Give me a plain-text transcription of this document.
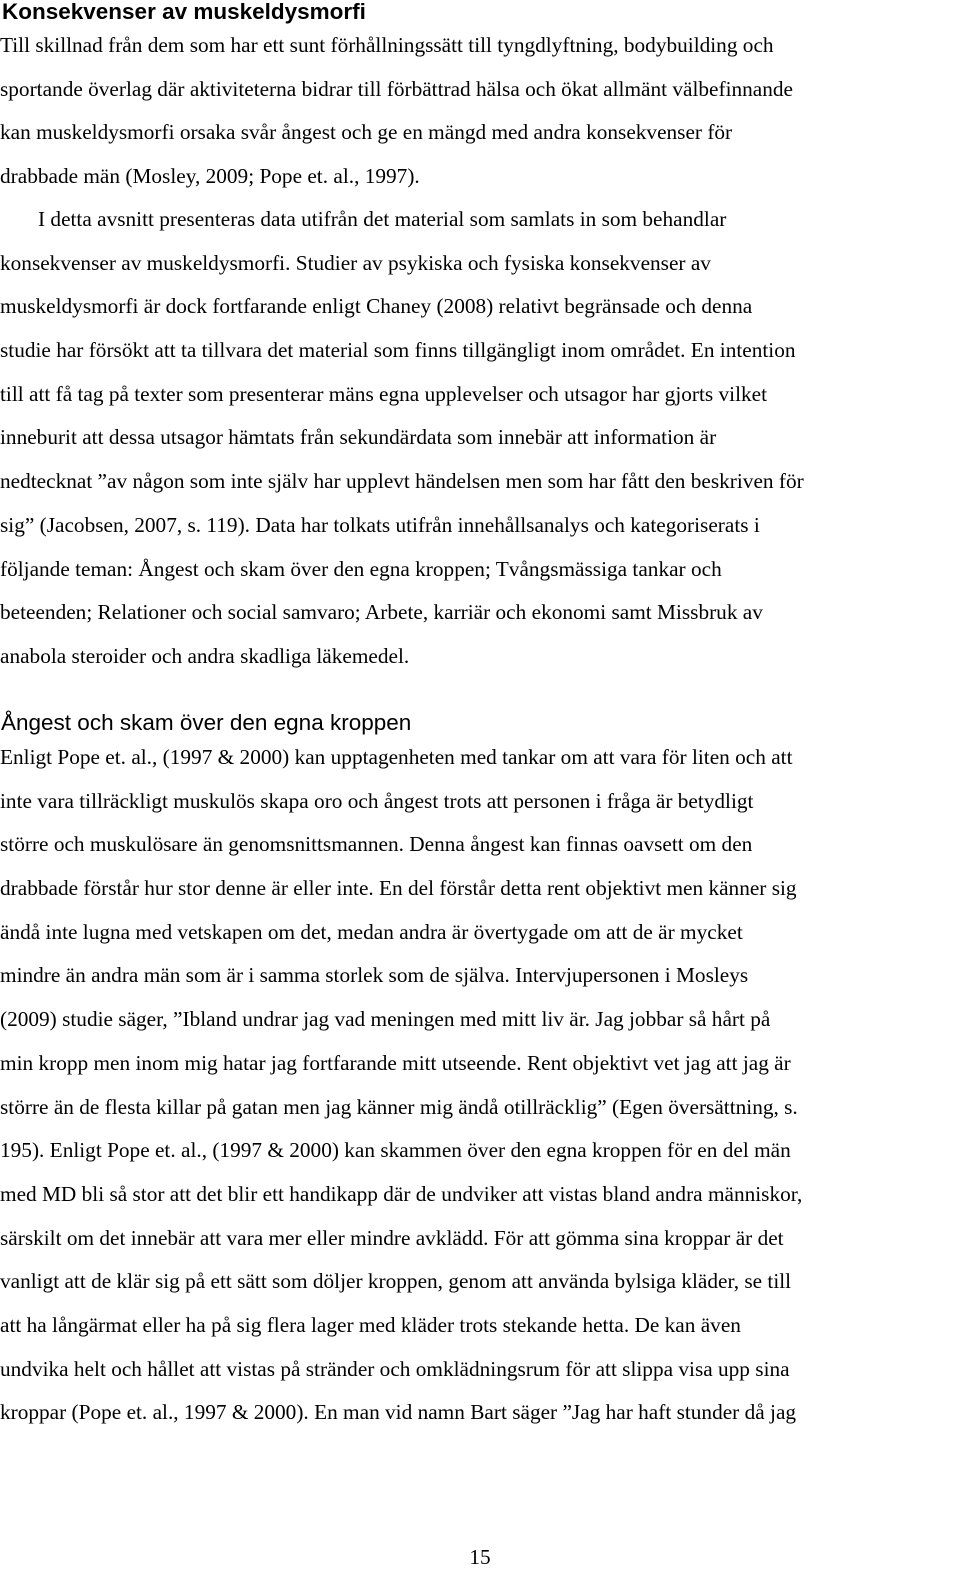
Konsekvenser av muskeldysmorfi
Till skillnad från dem som har ett sunt förhållningssätt till tyngdlyftning, bodybuilding och
sportande överlag där aktiviteterna bidrar till förbättrad hälsa och ökat allmänt välbefinnande
kan muskeldysmorfi orsaka svår ångest och ge en mängd med andra konsekvenser för
drabbade män (Mosley, 2009; Pope et. al., 1997).
I detta avsnitt presenteras data utifrån det material som samlats in som behandlar
konsekvenser av muskeldysmorfi. Studier av psykiska och fysiska konsekvenser av
muskeldysmorfi är dock fortfarande enligt Chaney (2008) relativt begränsade och denna
studie har försökt att ta tillvara det material som finns tillgängligt inom området. En intention
till att få tag på texter som presenterar mäns egna upplevelser och utsagor har gjorts vilket
inneburit att dessa utsagor hämtats från sekundärdata som innebär att information är
nedtecknat ”av någon som inte själv har upplevt händelsen men som har fått den beskriven för
sig” (Jacobsen, 2007, s. 119). Data har tolkats utifrån innehållsanalys och kategoriserats i
följande teman: Ångest och skam över den egna kroppen; Tvångsmässiga tankar och
beteenden; Relationer och social samvaro; Arbete, karriär och ekonomi samt Missbruk av
anabola steroider och andra skadliga läkemedel.
Ångest och skam över den egna kroppen
Enligt Pope et. al., (1997 & 2000) kan upptagenheten med tankar om att vara för liten och att
inte vara tillräckligt muskulös skapa oro och ångest trots att personen i fråga är betydligt
större och muskulösare än genomsnittsmannen. Denna ångest kan finnas oavsett om den
drabbade förstår hur stor denne är eller inte. En del förstår detta rent objektivt men känner sig
ändå inte lugna med vetskapen om det, medan andra är övertygade om att de är mycket
mindre än andra män som är i samma storlek som de själva. Intervjupersonen i Mosleys
(2009) studie säger, ”Ibland undrar jag vad meningen med mitt liv är. Jag jobbar så hårt på
min kropp men inom mig hatar jag fortfarande mitt utseende. Rent objektivt vet jag att jag är
större än de flesta killar på gatan men jag känner mig ändå otillräcklig” (Egen översättning, s.
195). Enligt Pope et. al., (1997 & 2000) kan skammen över den egna kroppen för en del män
med MD bli så stor att det blir ett handikapp där de undviker att vistas bland andra människor,
särskilt om det innebär att vara mer eller mindre avklädd. För att gömma sina kroppar är det
vanligt att de klär sig på ett sätt som döljer kroppen, genom att använda bylsiga kläder, se till
att ha långärmat eller ha på sig flera lager med kläder trots stekande hetta. De kan även
undvika helt och hållet att vistas på stränder och omklädningsrum för att slippa visa upp sina
kroppar (Pope et. al., 1997 & 2000). En man vid namn Bart säger ”Jag har haft stunder då jag
15
